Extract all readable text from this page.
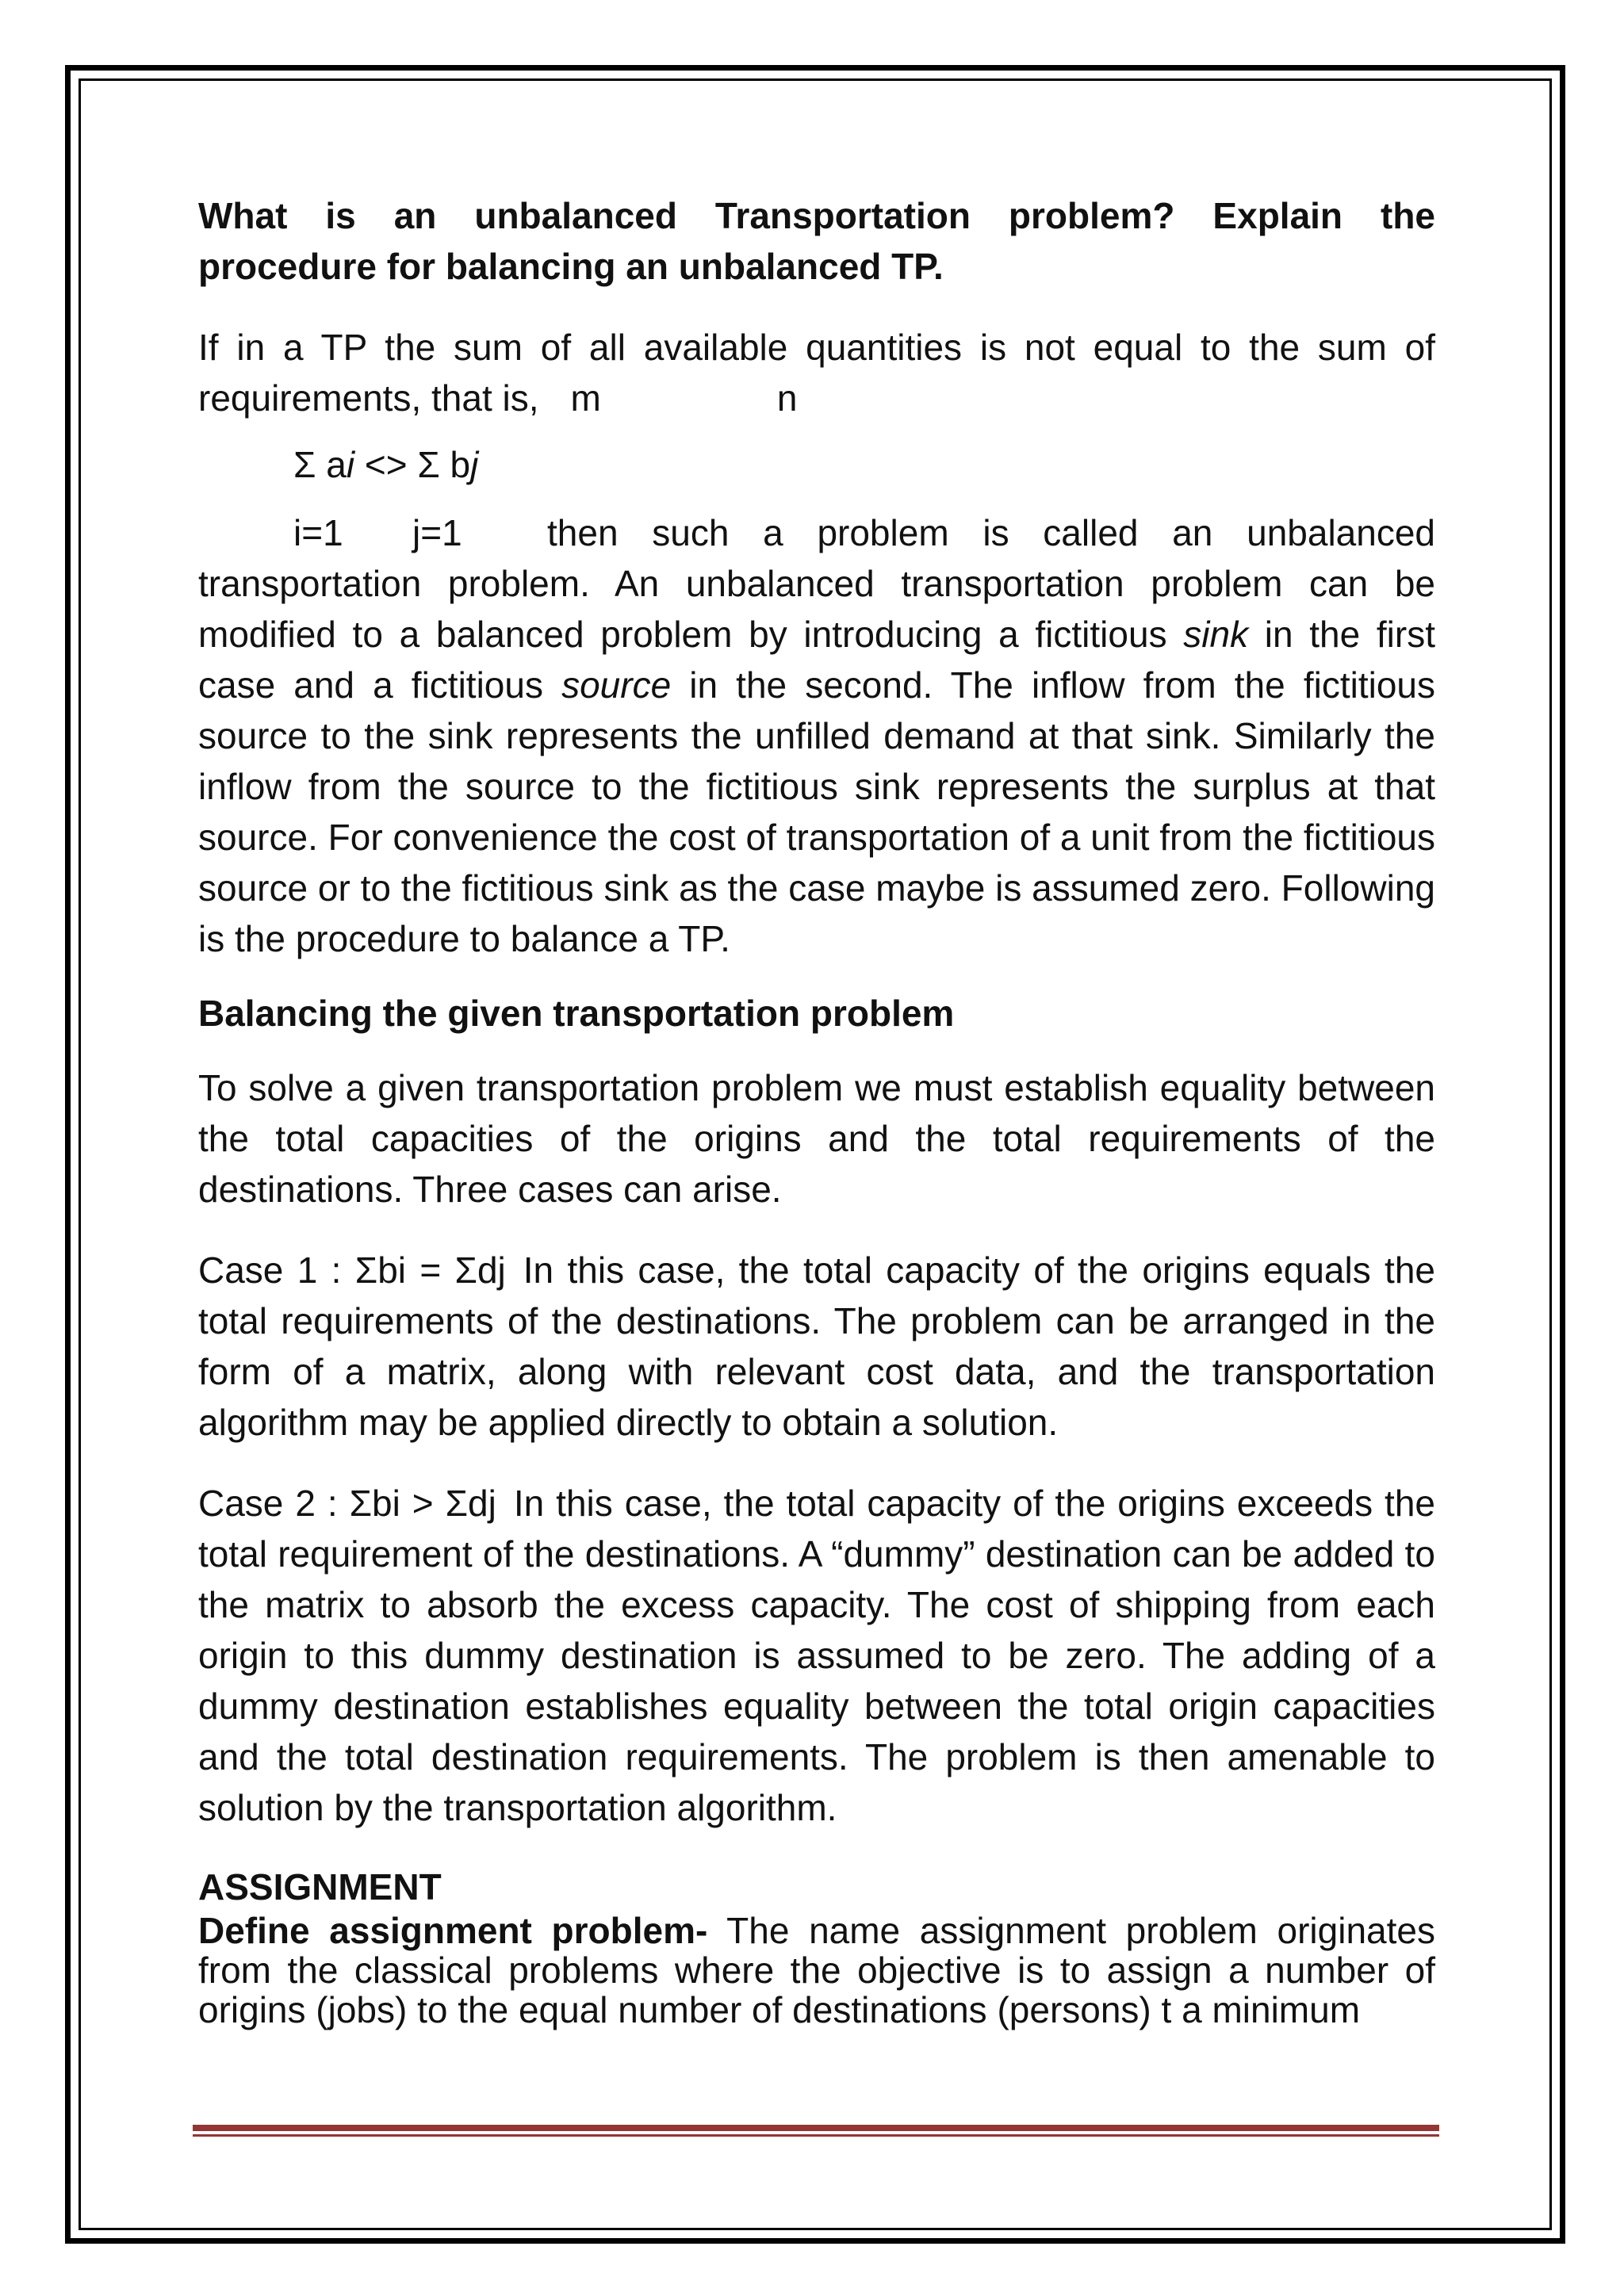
What is an unbalanced Transportation problem? Explain the
procedure for balancing an unbalanced TP.

If in a TP the sum of all available quantities is not equal to the sum of

requirements, that is, m	n

Σ ai <> Σ bj

i=1	j=1	then such a problem is called an unbalanced

transportation problem. An unbalanced transportation problem can be

modified to a balanced problem by introducing a fictitious sink in the first

case and a fictitious source in the second. The inflow from the fictitious

source to the sink represents the unfilled demand at that sink. Similarly the inflow from the source to the fictitious sink represents the surplus at that source. For convenience the cost of transportation of a unit from the fictitious source or to the fictitious sink as the case maybe is assumed zero. Following is the procedure to balance a TP.

Balancing the given transportation problem

To solve a given transportation problem we must establish equality between the total capacities of the origins and the total requirements of the destinations. Three cases can arise.

Case 1 : Σbi = Σdj In this case, the total capacity of the origins equals the total requirements of the destinations. The problem can be arranged in the form of a matrix, along with relevant cost data, and the transportation algorithm may be applied directly to obtain a solution.

Case 2 : Σbi > Σdj In this case, the total capacity of the origins exceeds the total requirement of the destinations. A “dummy” destination can be added to the matrix to absorb the excess capacity. The cost of shipping from each origin to this dummy destination is assumed to be zero. The adding of a dummy destination establishes equality between the total origin capacities and the total destination requirements. The problem is then amenable to solution by the transportation algorithm.

ASSIGNMENT

Define assignment problem- The name assignment problem originates from the classical problems where the objective is to assign a number of origins (jobs) to the equal number of destinations (persons) t a minimum
